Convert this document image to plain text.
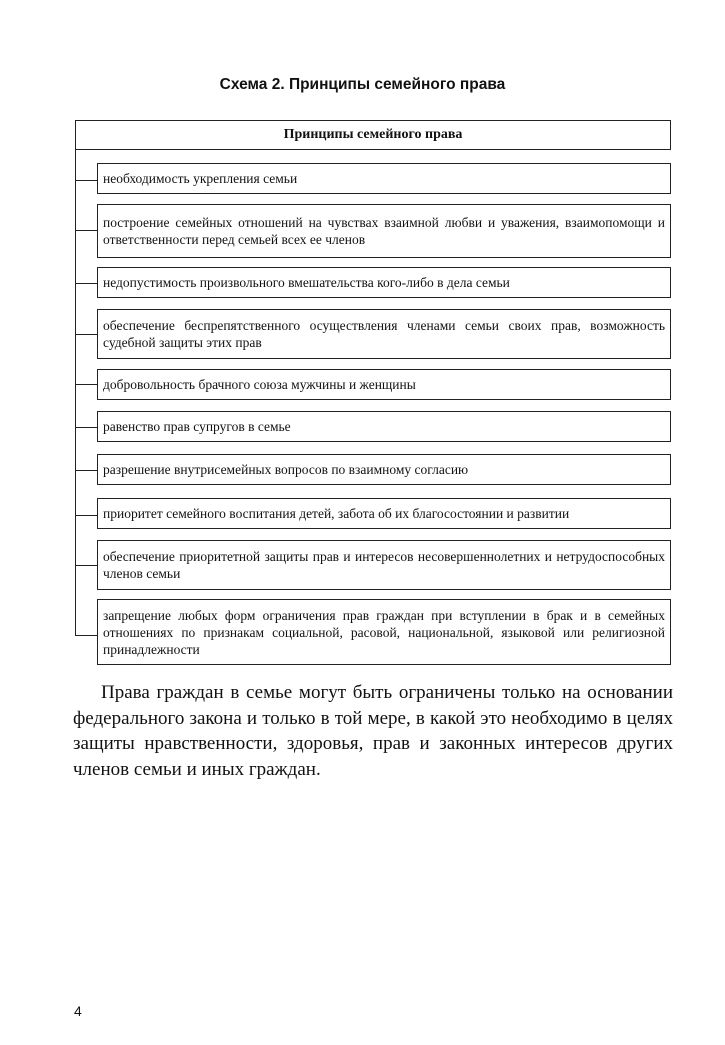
Схема 2. Принципы семейного права
Принципы семейного права
необходимость укрепления семьи
построение семейных отношений на чувствах взаимной любви и уважения, взаимопомощи и ответственности перед семьей всех ее членов
недопустимость произвольного вмешательства кого-либо в дела семьи
обеспечение беспрепятственного осуществления членами семьи своих прав, возможность судебной защиты этих прав
добровольность брачного союза мужчины и женщины
равенство прав супругов в семье
разрешение внутрисемейных вопросов по взаимному согласию
приоритет семейного воспитания детей, забота об их благосостоянии и развитии
обеспечение приоритетной защиты прав и интересов несовершеннолетних и нетрудоспособных членов семьи
запрещение любых форм ограничения прав граждан при вступлении в брак и в семейных отношениях по признакам социальной, расовой, национальной, языковой или религиозной принадлежности

Права граждан в семье могут быть ограничены только на основании федерального закона и только в той мере, в какой это необходимо в целях защиты нравственности, здоровья, прав и законных интересов других членов семьи и иных граждан.

4
